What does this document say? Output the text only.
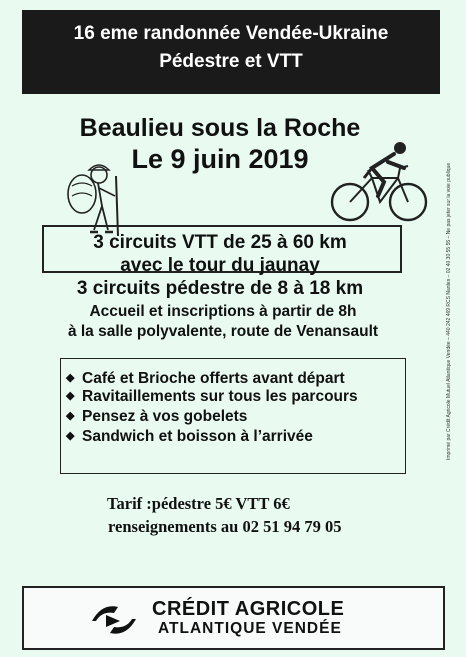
16 eme randonnée Vendée-Ukraine
Pédestre et VTT
Beaulieu sous la Roche
Le 9 juin 2019
3 circuits VTT de 25 à 60 km
avec le tour du jaunay
3 circuits pédestre de 8 à 18 km
Accueil et inscriptions à partir de 8h
à la salle polyvalente, route de Venansault
◆ Café et Brioche offerts avant départ
◆ Ravitaillements sur tous les parcours
◆ Pensez à vos gobelets
◆ Sandwich et boisson à l’arrivée
Tarif :pédestre 5€ VTT 6€
renseignements au 02 51 94 79 05
Imprimé par Crédit Agricole Mutuel Atlantique Vendée – 440 242 469 RCS Nantes – 02 40 30 55 55 – Ne pas jeter sur la voie publique
CRÉDIT AGRICOLE
ATLANTIQUE VENDÉE
